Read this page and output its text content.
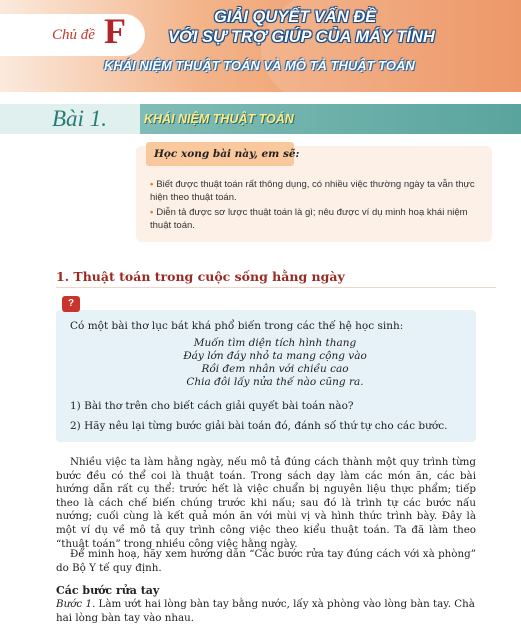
Chủ đề F	GIẢI QUYẾT VẤN ĐỀ
VỚI SỰ TRỢ GIÚP CỦA MÁY TÍNH
KHÁI NIỆM THUẬT TOÁN VÀ MÔ TẢ THUẬT TOÁN
Bài 1.	KHÁI NIỆM THUẬT TOÁN
Học xong bài này, em sẽ:
• Biết được thuật toán rất thông dụng, có nhiều việc thường ngày ta vẫn thực hiện theo thuật toán.
• Diễn tả được sơ lược thuật toán là gì; nêu được ví dụ minh hoạ khái niệm thuật toán.
1. Thuật toán trong cuộc sống hằng ngày
?
Có một bài thơ lục bát khá phổ biến trong các thế hệ học sinh:
Muốn tìm diện tích hình thang
Đáy lớn đáy nhỏ ta mang cộng vào
Rồi đem nhân với chiều cao
Chia đôi lấy nửa thế nào cũng ra.
1) Bài thơ trên cho biết cách giải quyết bài toán nào?
2) Hãy nêu lại từng bước giải bài toán đó, đánh số thứ tự cho các bước.
Nhiều việc ta làm hằng ngày, nếu mô tả đúng cách thành một quy trình từng bước đều có thể coi là thuật toán. Trong sách dạy làm các món ăn, các bài hướng dẫn rất cụ thể: trước hết là việc chuẩn bị nguyên liệu thực phẩm; tiếp theo là cách chế biến chúng trước khi nấu; sau đó là trình tự các bước nấu nướng; cuối cùng là kết quả món ăn với mùi vị và hình thức trình bày. Đây là một ví dụ về mô tả quy trình công việc theo kiểu thuật toán. Ta đã làm theo “thuật toán” trong nhiều công việc hằng ngày.
Để minh hoạ, hãy xem hướng dẫn “Các bước rửa tay đúng cách với xà phòng” do Bộ Y tế quy định.
Các bước rửa tay
Bước 1. Làm ướt hai lòng bàn tay bằng nước, lấy xà phòng vào lòng bàn tay. Chà hai lòng bàn tay vào nhau.
